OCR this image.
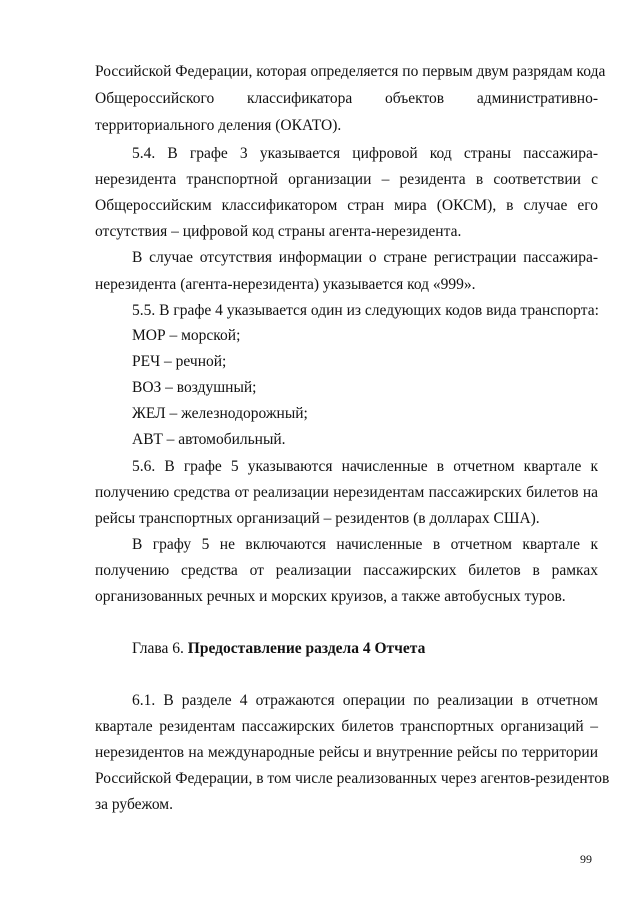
Российской Федерации, которая определяется по первым двум разрядам кода
Общероссийского классификатора объектов административно-
территориального деления (ОКАТО).
5.4. В графе 3 указывается цифровой код страны пассажира-
нерезидента транспортной организации – резидента в соответствии с
Общероссийским классификатором стран мира (ОКСМ), в случае его
отсутствия – цифровой код страны агента-нерезидента.
В случае отсутствия информации о стране регистрации пассажира-
нерезидента (агента-нерезидента) указывается код «999».
5.5. В графе 4 указывается один из следующих кодов вида транспорта:
МОР – морской;
РЕЧ – речной;
ВОЗ – воздушный;
ЖЕЛ – железнодорожный;
АВТ – автомобильный.
5.6. В графе 5 указываются начисленные в отчетном квартале к
получению средства от реализации нерезидентам пассажирских билетов на
рейсы транспортных организаций – резидентов (в долларах США).
В графу 5 не включаются начисленные в отчетном квартале к
получению средства от реализации пассажирских билетов в рамках
организованных речных и морских круизов, а также автобусных туров.
Глава 6. Предоставление раздела 4 Отчета
6.1. В разделе 4 отражаются операции по реализации в отчетном
квартале резидентам пассажирских билетов транспортных организаций –
нерезидентов на международные рейсы и внутренние рейсы по территории
Российской Федерации, в том числе реализованных через агентов-резидентов
за рубежом.
99
